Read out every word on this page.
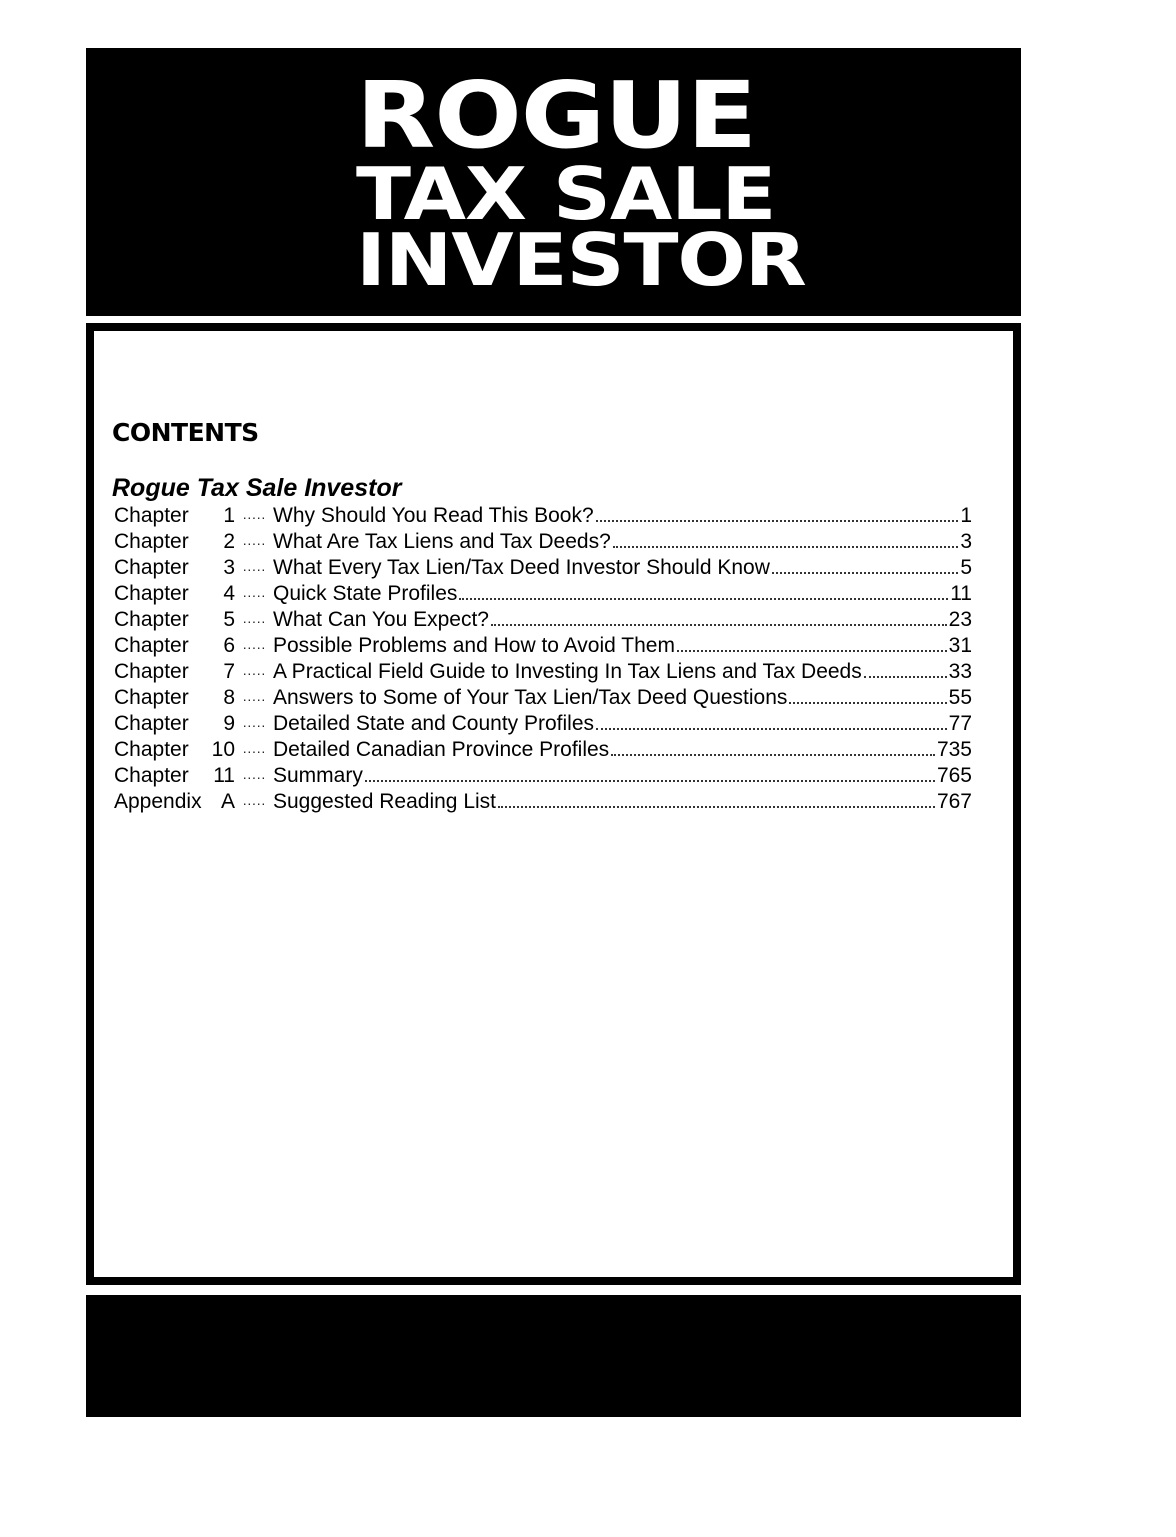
ROGUE
TAX SALE
INVESTOR
CONTENTS
Rogue Tax Sale Investor
Chapter 1 ····· Why Should You Read This Book?	1
Chapter 2 ····· What Are Tax Liens and Tax Deeds?	3
Chapter 3 ····· What Every Tax Lien/Tax Deed Investor Should Know	5
Chapter 4 ····· Quick State Profiles	11
Chapter 5 ····· What Can You Expect?	23
Chapter 6 ····· Possible Problems and How to Avoid Them	31
Chapter 7 ····· A Practical Field Guide to Investing In Tax Liens and Tax Deeds	33
Chapter 8 ····· Answers to Some of Your Tax Lien/Tax Deed Questions	55
Chapter 9 ····· Detailed State and County Profiles	77
Chapter 10 ····· Detailed Canadian Province Profiles	735
Chapter 11 ····· Summary	765
Appendix A ····· Suggested Reading List	767
